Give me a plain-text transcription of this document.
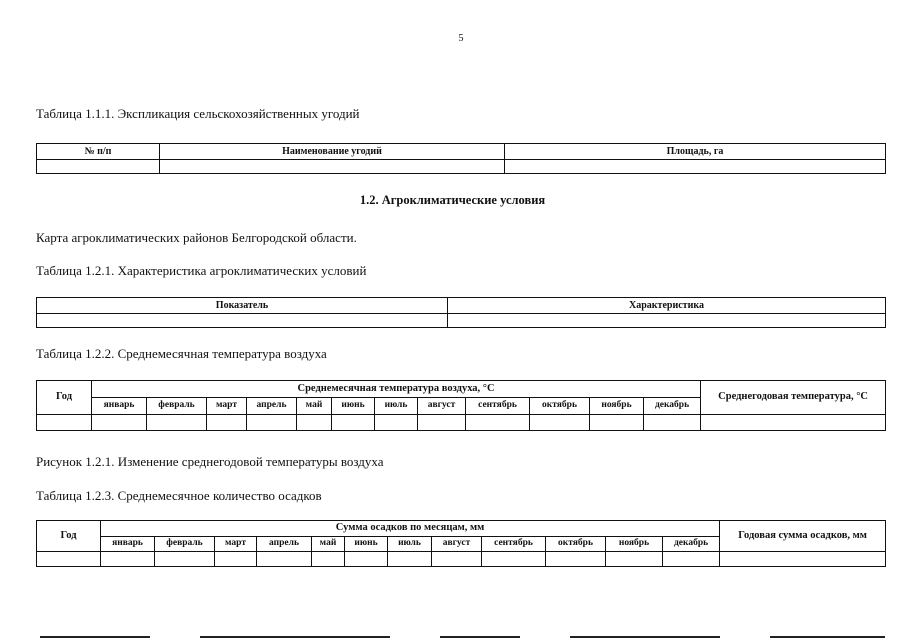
5
Таблица 1.1.1. Экспликация сельскохозяйственных угодий
№ п/п	Наименование угодий	Площадь, га

1.2. Агроклиматические условия
Карта агроклиматических районов Белгородской области.
Таблица 1.2.1. Характеристика агроклиматических условий
Показатель	Характеристика

Таблица 1.2.2. Среднемесячная температура воздуха
Год	Среднемесячная температура воздуха, °С												Среднегодовая температура, °С
	январь	февраль	март	апрель	май	июнь	июль	август	сентябрь	октябрь	ноябрь	декабрь	

Рисунок 1.2.1. Изменение среднегодовой температуры воздуха
Таблица 1.2.3. Среднемесячное количество осадков
Год	Сумма осадков по месяцам, мм												Годовая сумма осадков, мм
	январь	февраль	март	апрель	май	июнь	июль	август	сентябрь	октябрь	ноябрь	декабрь	
